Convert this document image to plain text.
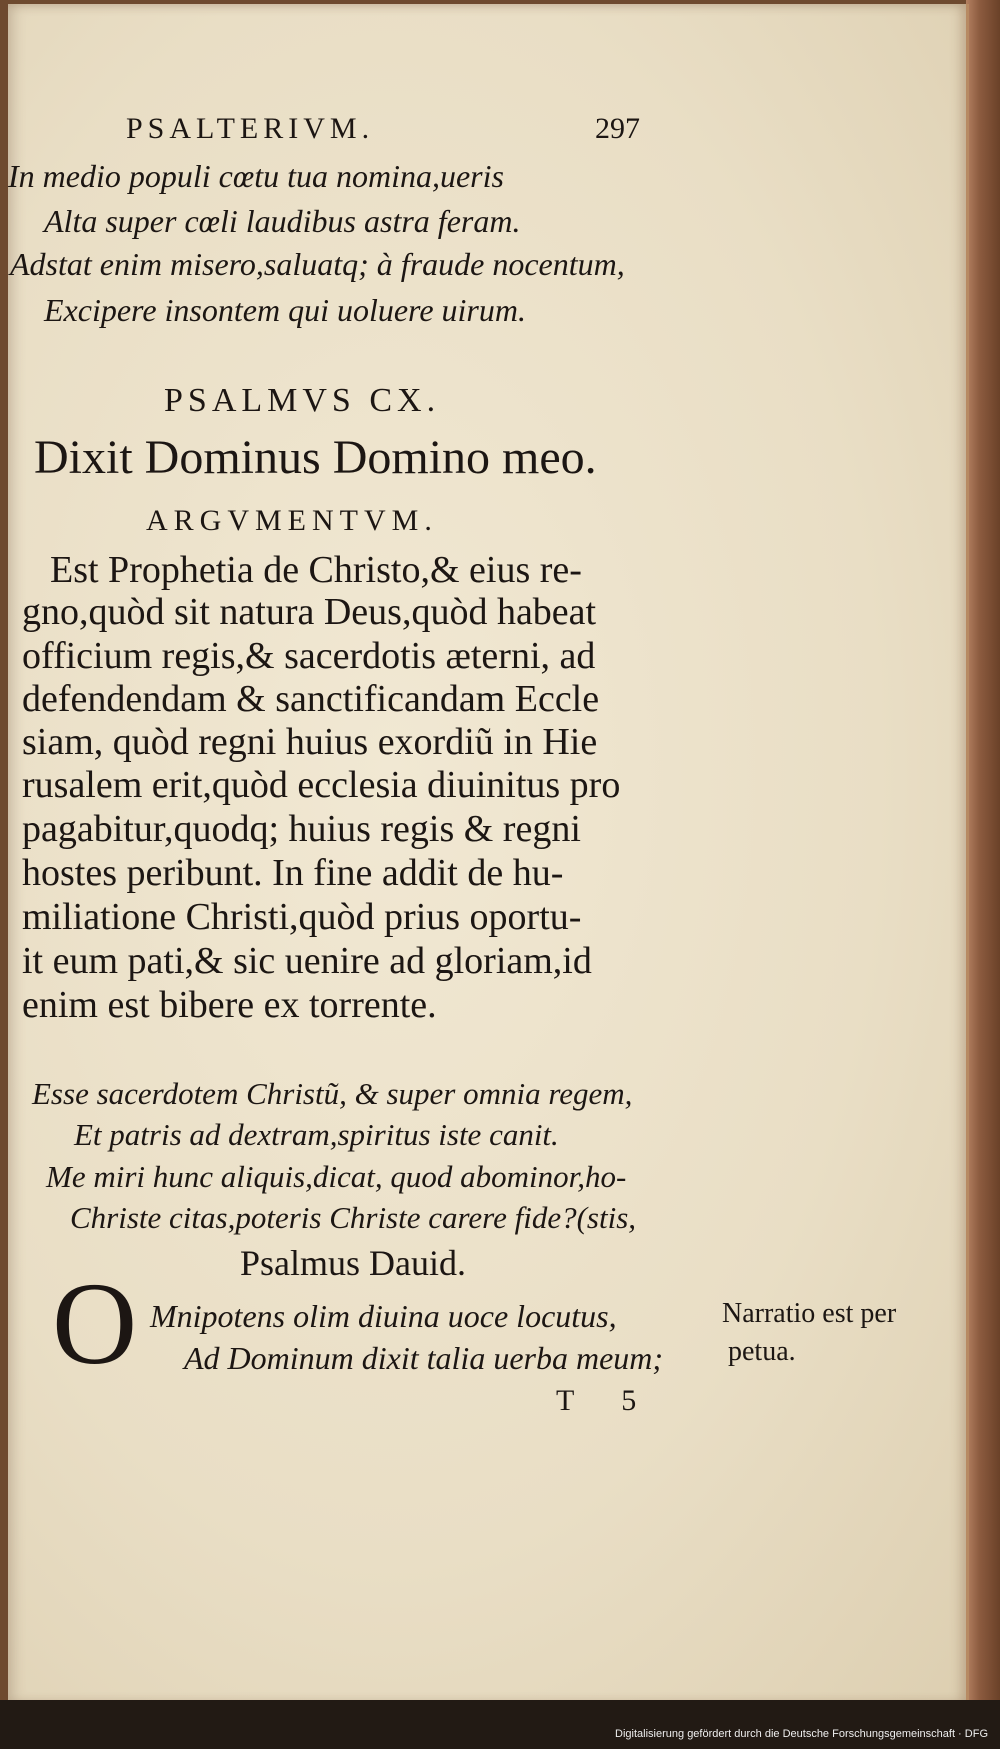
PSALTERIVM.	297
In medio populi cœtu tua nomina,ueris
Alta super cœli laudibus astra feram.
Adstat enim misero,saluatq; à fraude nocentum,
Excipere insontem qui uoluere uirum.
PSALMVS CX.
Dixit Dominus Domino meo.
ARGVMENTVM.
Est Prophetia de Christo,& eius re-
gno,quòd sit natura Deus,quòd habeat
officium regis,& sacerdotis æterni, ad
defendendam & sanctificandam Eccle
siam, quòd regni huius exordiũ in Hie
rusalem erit,quòd ecclesia diuinitus pro
pagabitur,quodq; huius regis & regni
hostes peribunt. In fine addit de hu-
miliatione Christi,quòd prius oportu-
it eum pati,& sic uenire ad gloriam,id
enim est bibere ex torrente.
Esse sacerdotem Christũ, & super omnia regem,
Et patris ad dextram,spiritus iste canit.
Me miri hunc aliquis,dicat, quod abominor,ho-
Christe citas,poteris Christe carere fide?(stis,
Psalmus Dauid.
O Mnipotens olim diuina uoce locutus,
Ad Dominum dixit talia uerba meum;
Narratio est per
petua.
T 5
Digitalisierung gefördert durch die Deutsche Forschungsgemeinschaft · DFG
